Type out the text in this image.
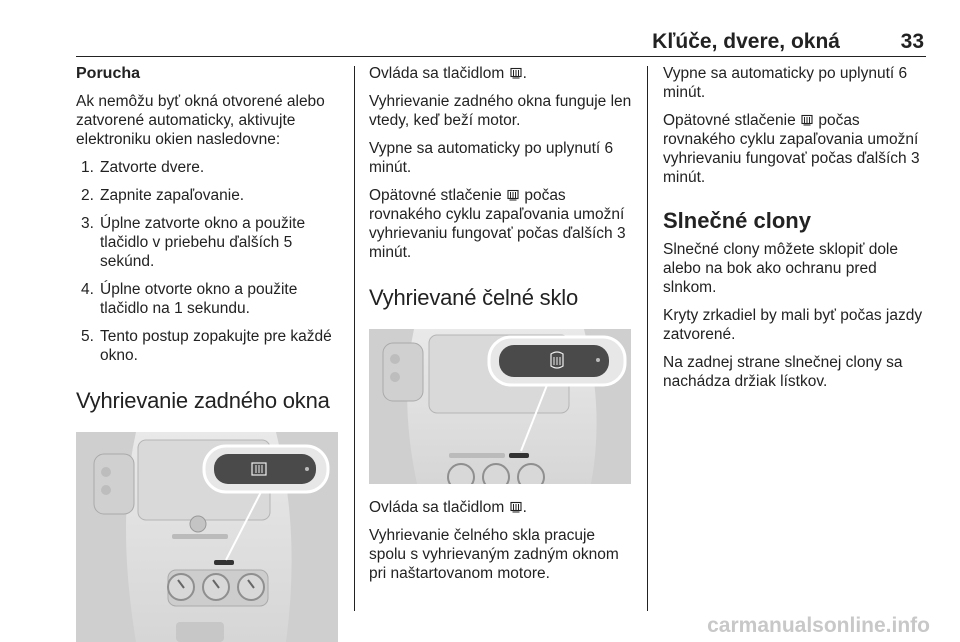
Kľúče, dvere, okná	33
Porucha

Ak nemôžu byť okná otvorené alebo zatvorené automaticky, aktivujte elektroniku okien nasledovne:

1. Zatvorte dvere.
2. Zapnite zapaľovanie.
3. Úplne zatvorte okno a použite tlačidlo v priebehu ďalších 5 sekúnd.
4. Úplne otvorte okno a použite tlačidlo na 1 sekundu.
5. Tento postup zopakujte pre každé okno.
Vyhrievanie zadného okna

Ovláda sa tlačidlom .

Vyhrievanie zadného okna funguje len vtedy, keď beží motor.

Vypne sa automaticky po uplynutí 6 minút.

Opätovné stlačenie  počas rovnakého cyklu zapaľovania umožní vyhrievaniu fungovať počas ďalších 3 minút.

Vyhrievané čelné sklo

Ovláda sa tlačidlom .

Vyhrievanie čelného skla pracuje spolu s vyhrievaným zadným oknom pri naštartovanom motore.

Vypne sa automaticky po uplynutí 6 minút.

Opätovné stlačenie  počas rovnakého cyklu zapaľovania umožní vyhrievaniu fungovať počas ďalších 3 minút.

Slnečné clony

Slnečné clony môžete sklopiť dole alebo na bok ako ochranu pred slnkom.

Kryty zrkadiel by mali byť počas jazdy zatvorené.

Na zadnej strane slnečnej clony sa nachádza držiak lístkov.

carmanualsonline.info
